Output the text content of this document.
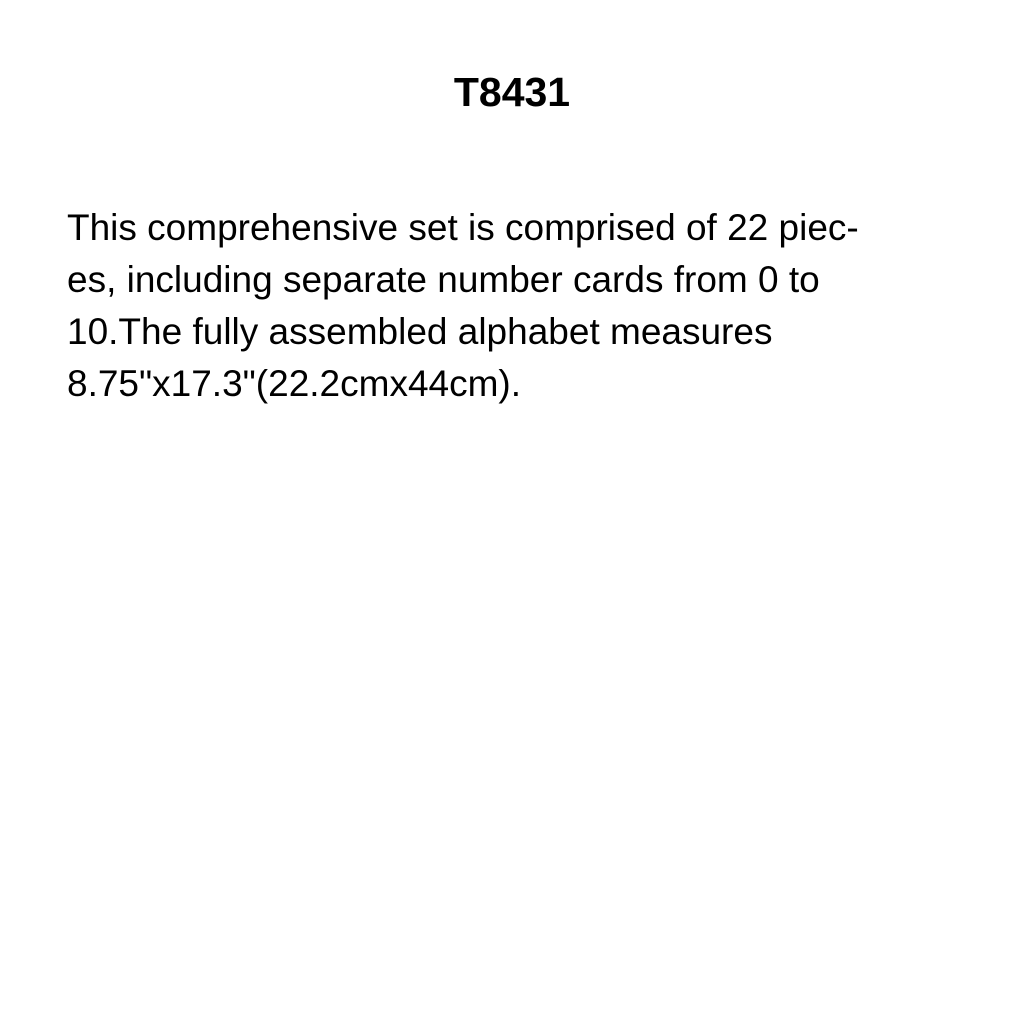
T8431

This comprehensive set is comprised of 22 piec-
es, including separate number cards from 0 to
10.The fully assembled alphabet measures
8.75"x17.3"(22.2cmx44cm).
